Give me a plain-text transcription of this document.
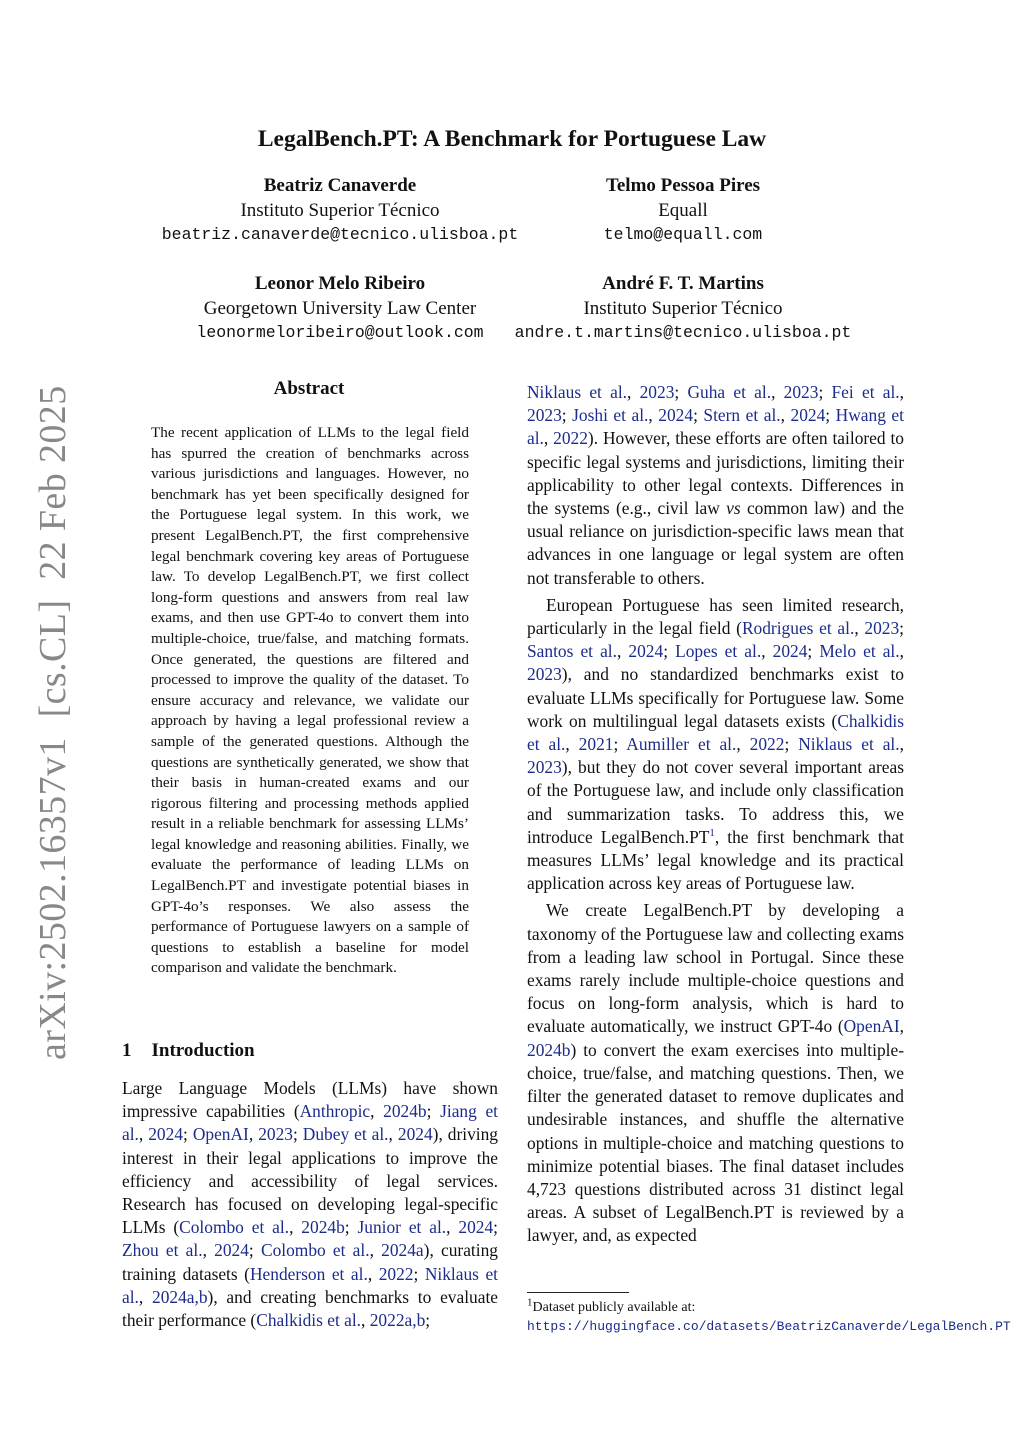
LegalBench.PT: A Benchmark for Portuguese Law
Beatriz Canaverde
Instituto Superior Técnico
beatriz.canaverde@tecnico.ulisboa.pt
Telmo Pessoa Pires
Equall
telmo@equall.com
Leonor Melo Ribeiro
Georgetown University Law Center
leonormeloribeiro@outlook.com
André F. T. Martins
Instituto Superior Técnico
andre.t.martins@tecnico.ulisboa.pt
arXiv:2502.16357v1  [cs.CL]  22 Feb 2025	Abstract
The recent application of LLMs to the legal field has spurred the creation of benchmarks across various jurisdictions and languages. However, no benchmark has yet been specifically designed for the Portuguese legal system. In this work, we present LegalBench.PT, the first comprehensive legal benchmark covering key areas of Portuguese law. To develop LegalBench.PT, we first collect long-form questions and answers from real law exams, and then use GPT-4o to convert them into multiple-choice, true/false, and matching formats. Once generated, the questions are filtered and processed to improve the quality of the dataset. To ensure accuracy and relevance, we validate our approach by having a legal professional review a sample of the generated questions. Although the questions are synthetically generated, we show that their basis in human-created exams and our rigorous filtering and processing methods applied result in a reliable benchmark for assessing LLMs’ legal knowledge and reasoning abilities. Finally, we evaluate the performance of leading LLMs on LegalBench.PT and investigate potential biases in GPT-4o’s responses. We also assess the performance of Portuguese lawyers on a sample of questions to establish a baseline for model comparison and validate the benchmark.
1 Introduction
Large Language Models (LLMs) have shown impressive capabilities (Anthropic, 2024b; Jiang et al., 2024; OpenAI, 2023; Dubey et al., 2024), driving interest in their legal applications to improve the efficiency and accessibility of legal services. Research has focused on developing legal-specific LLMs (Colombo et al., 2024b; Junior et al., 2024; Zhou et al., 2024; Colombo et al., 2024a), curating training datasets (Henderson et al., 2022; Niklaus et al., 2024a,b), and creating benchmarks to evaluate their performance (Chalkidis et al., 2022a,b;

Niklaus et al., 2023; Guha et al., 2023; Fei et al., 2023; Joshi et al., 2024; Stern et al., 2024; Hwang et al., 2022). However, these efforts are often tailored to specific legal systems and jurisdictions, limiting their applicability to other legal contexts. Differences in the systems (e.g., civil law vs common law) and the usual reliance on jurisdiction-specific laws mean that advances in one language or legal system are often not transferable to others.

European Portuguese has seen limited research, particularly in the legal field (Rodrigues et al., 2023; Santos et al., 2024; Lopes et al., 2024; Melo et al., 2023), and no standardized benchmarks exist to evaluate LLMs specifically for Portuguese law. Some work on multilingual legal datasets exists (Chalkidis et al., 2021; Aumiller et al., 2022; Niklaus et al., 2023), but they do not cover several important areas of the Portuguese law, and include only classification and summarization tasks. To address this, we introduce $LegalBench.PT^1$, the first benchmark that measures LLMs’ legal knowledge and its practical application across key areas of Portuguese law.

We create LegalBench.PT by developing a taxonomy of the Portuguese law and collecting exams from a leading law school in Portugal. Since these exams rarely include multiple-choice questions and focus on long-form analysis, which is hard to evaluate automatically, we instruct GPT-4o (OpenAI, 2024b) to convert the exam exercises into multiple-choice, true/false, and matching questions. Then, we filter the generated dataset to remove duplicates and undesirable instances, and shuffle the alternative options in multiple-choice and matching questions to minimize potential biases. The final dataset includes 4,723 questions distributed across 31 distinct legal areas. A subset of LegalBench.PT is reviewed by a lawyer, and, as expected

$^1$Dataset publicly available at: https://huggingface.co/datasets/BeatrizCanaverde/LegalBench.PT
